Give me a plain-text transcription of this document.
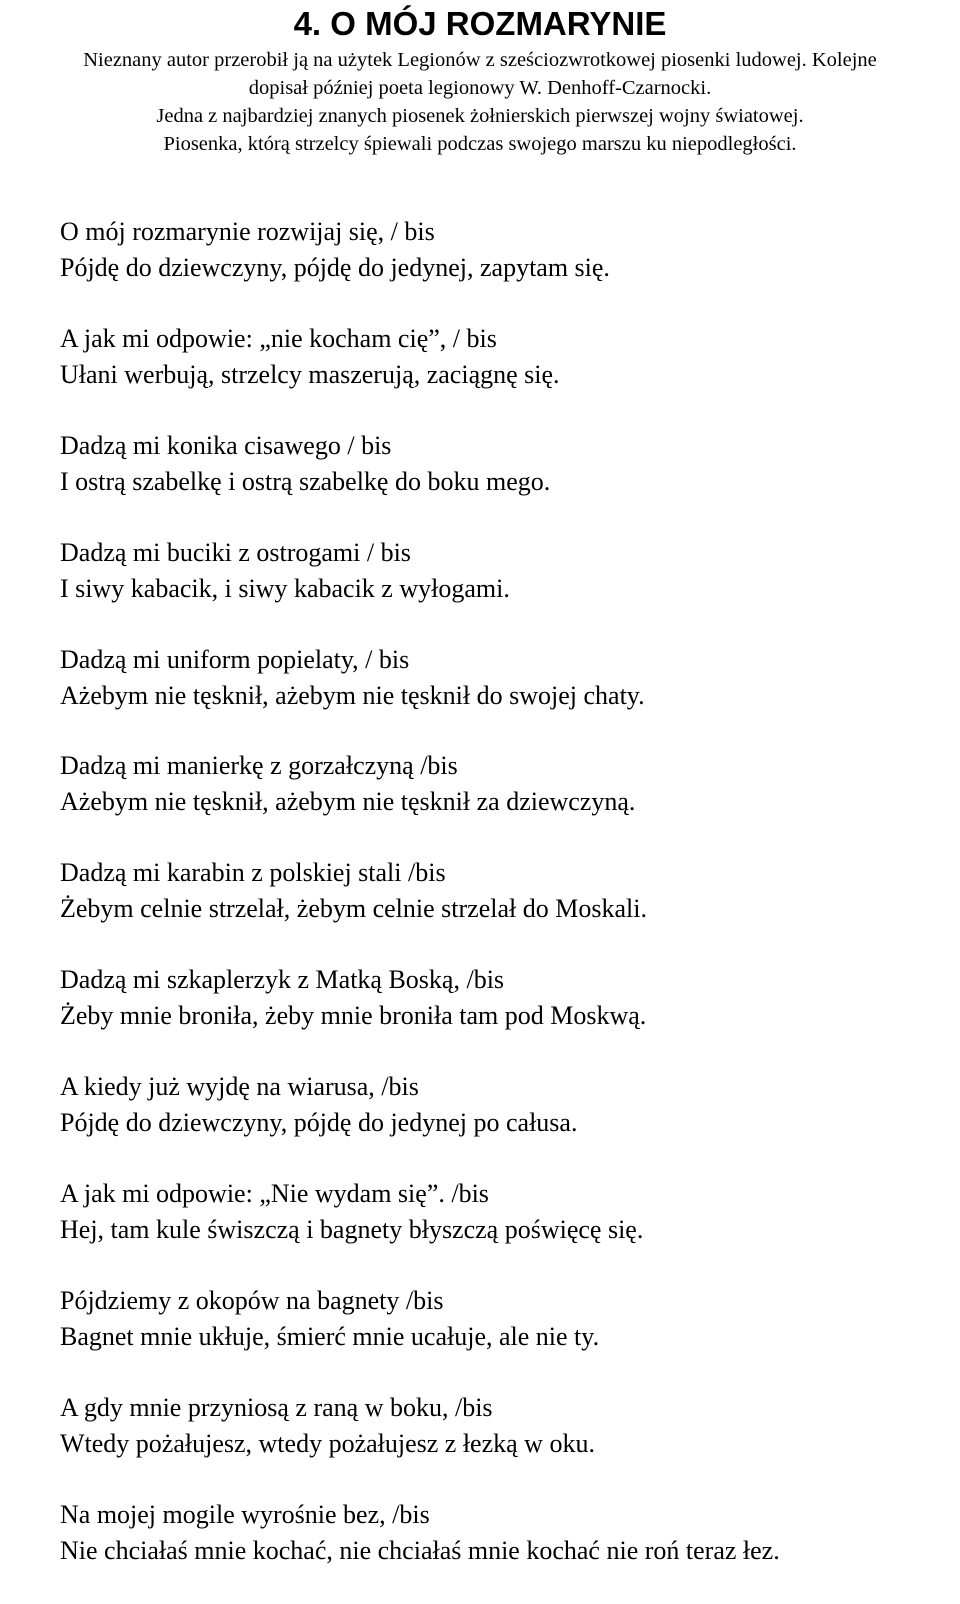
4. O MÓJ ROZMARYNIE
Nieznany autor przerobił ją na użytek Legionów z sześciozwrotkowej piosenki ludowej. Kolejne
dopisał później poeta legionowy W. Denhoff-Czarnocki.
Jedna z najbardziej znanych piosenek żołnierskich pierwszej wojny światowej.
Piosenka, którą strzelcy śpiewali podczas swojego marszu ku niepodległości.
O mój rozmarynie rozwijaj się, / bis
Pójdę do dziewczyny, pójdę do jedynej, zapytam się.
A jak mi odpowie: „nie kocham cię”, / bis
Ułani werbują, strzelcy maszerują, zaciągnę się.
Dadzą mi konika cisawego / bis
I ostrą szabelkę i ostrą szabelkę do boku mego.
Dadzą mi buciki z ostrogami / bis
I siwy kabacik, i siwy kabacik z wyłogami.
Dadzą mi uniform popielaty, / bis
Ażebym nie tęsknił, ażebym nie tęsknił do swojej chaty.
Dadzą mi manierkę z gorzałczyną /bis
Ażebym nie tęsknił, ażebym nie tęsknił za dziewczyną.
Dadzą mi karabin z polskiej stali /bis
Żebym celnie strzelał, żebym celnie strzelał do Moskali.
Dadzą mi szkaplerzyk z Matką Boską, /bis
Żeby mnie broniła, żeby mnie broniła tam pod Moskwą.
A kiedy już wyjdę na wiarusa, /bis
Pójdę do dziewczyny, pójdę do jedynej po całusa.
A jak mi odpowie: „Nie wydam się”. /bis
Hej, tam kule świszczą i bagnety błyszczą poświęcę się.
Pójdziemy z okopów na bagnety /bis
Bagnet mnie ukłuje, śmierć mnie ucałuje, ale nie ty.
A gdy mnie przyniosą z raną w boku, /bis
Wtedy pożałujesz, wtedy pożałujesz z łezką w oku.
Na mojej mogile wyrośnie bez, /bis
Nie chciałaś mnie kochać, nie chciałaś mnie kochać nie roń teraz łez.
